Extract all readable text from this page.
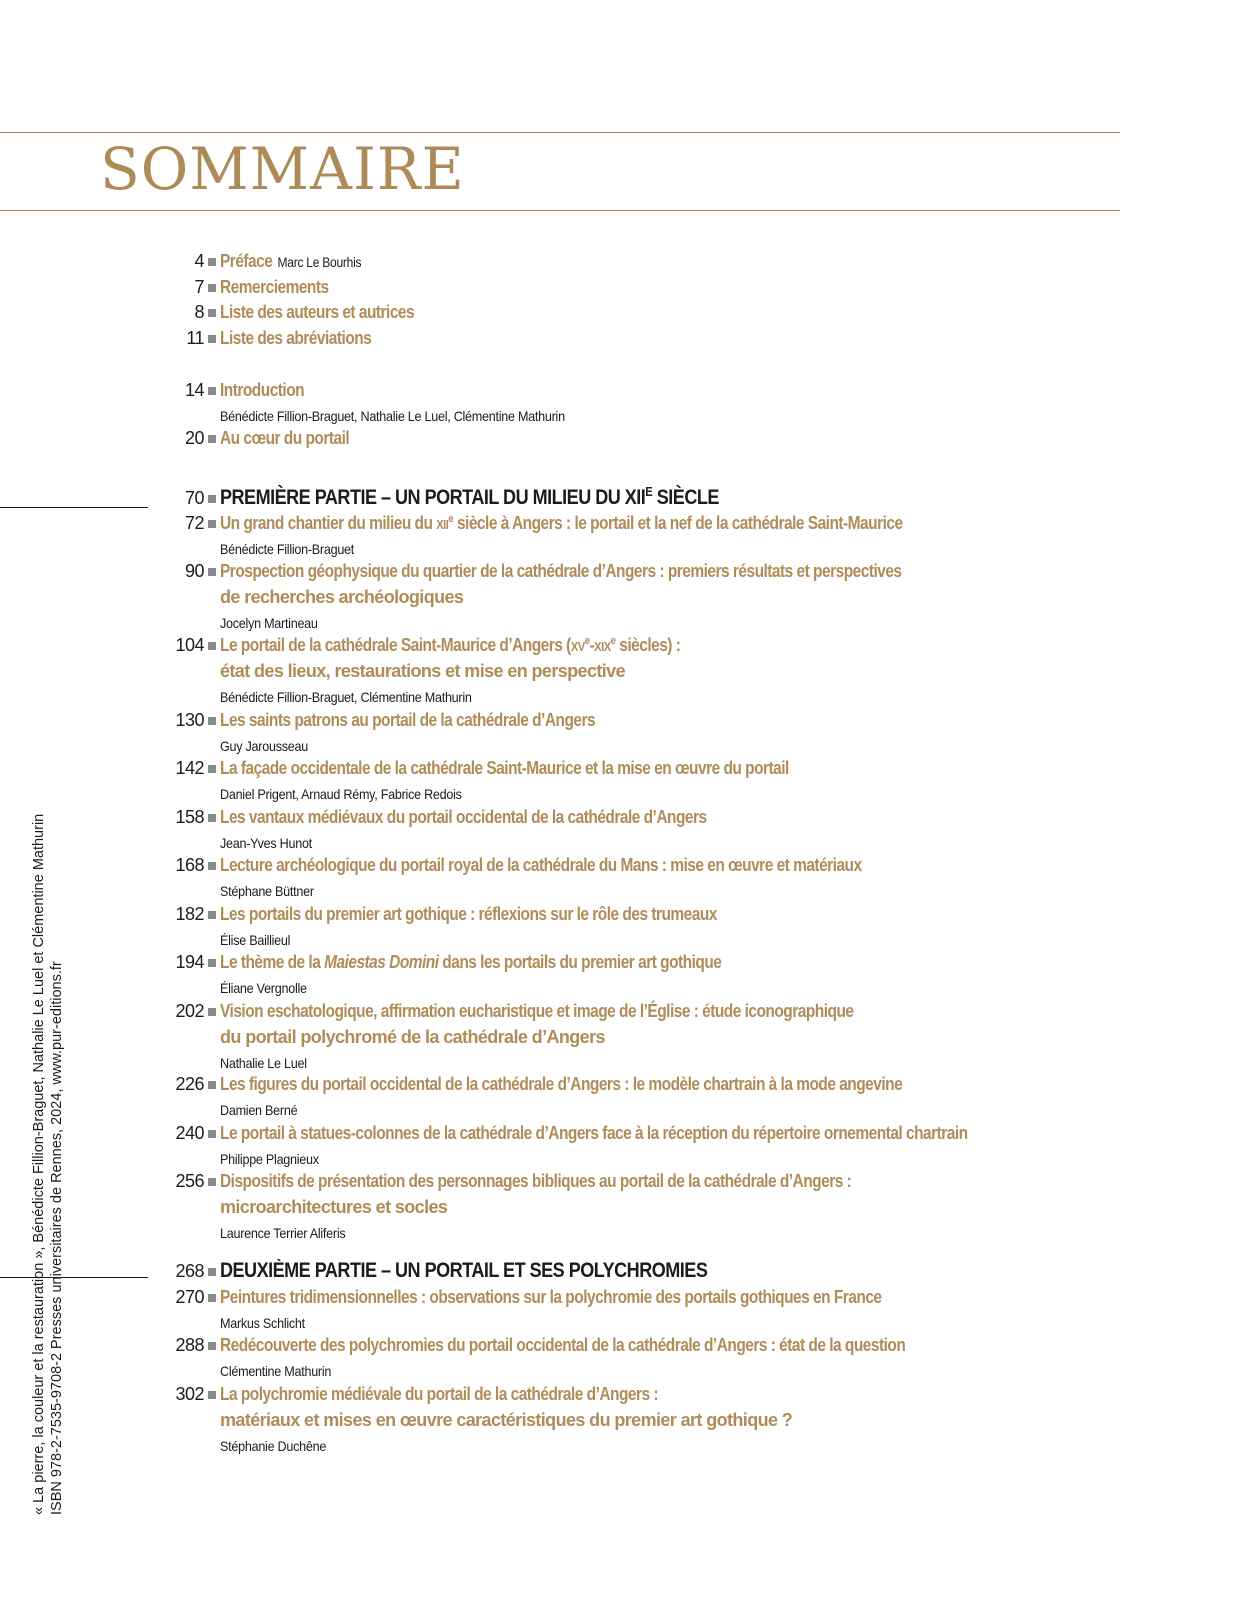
SOMMAIRE
4 Préface Marc Le Bourhis
7 Remerciements
8 Liste des auteurs et autrices
11 Liste des abréviations
14 Introduction
Bénédicte Fillion-Braguet, Nathalie Le Luel, Clémentine Mathurin
20 Au cœur du portail
70 PREMIÈRE PARTIE – UN PORTAIL DU MILIEU DU $XII^E$ SIÈCLE
72 Un grand chantier du milieu du xii$^e$ siècle à Angers : le portail et la nef de la cathédrale Saint-Maurice
Bénédicte Fillion-Braguet
90 Prospection géophysique du quartier de la cathédrale d’Angers : premiers résultats et perspectives
de recherches archéologiques
Jocelyn Martineau
104 Le portail de la cathédrale Saint-Maurice d’Angers ($xv^e-xix^e$ siècles) :
état des lieux, restaurations et mise en perspective
Bénédicte Fillion-Braguet, Clémentine Mathurin
130 Les saints patrons au portail de la cathédrale d’Angers
Guy Jarousseau
142 La façade occidentale de la cathédrale Saint-Maurice et la mise en œuvre du portail
Daniel Prigent, Arnaud Rémy, Fabrice Redois
158 Les vantaux médiévaux du portail occidental de la cathédrale d’Angers
Jean-Yves Hunot
168 Lecture archéologique du portail royal de la cathédrale du Mans : mise en œuvre et matériaux
Stéphane Büttner
182 Les portails du premier art gothique : réflexions sur le rôle des trumeaux
Élise Baillieul
194 Le thème de la Maiestas Domini dans les portails du premier art gothique
Éliane Vergnolle
202 Vision eschatologique, affirmation eucharistique et image de l’Église : étude iconographique
du portail polychromé de la cathédrale d’Angers
Nathalie Le Luel
226 Les figures du portail occidental de la cathédrale d’Angers : le modèle chartrain à la mode angevine
Damien Berné
240 Le portail à statues-colonnes de la cathédrale d’Angers face à la réception du répertoire ornemental chartrain
Philippe Plagnieux
256 Dispositifs de présentation des personnages bibliques au portail de la cathédrale d’Angers :
microarchitectures et socles
Laurence Terrier Aliferis
268 DEUXIÈME PARTIE – UN PORTAIL ET SES POLYCHROMIES
270 Peintures tridimensionnelles : observations sur la polychromie des portails gothiques en France
Markus Schlicht
288 Redécouverte des polychromies du portail occidental de la cathédrale d’Angers : état de la question
Clémentine Mathurin
302 La polychromie médiévale du portail de la cathédrale d’Angers :
matériaux et mises en œuvre caractéristiques du premier art gothique ?
Stéphanie Duchêne
« La pierre, la couleur et la restauration », Bénédicte Fillion-Braguet, Nathalie Le Luel et Clémentine Mathurin ISBN 978-2-7535-9708-2 Presses universitaires de Rennes, 2024, www.pur-editions.fr
